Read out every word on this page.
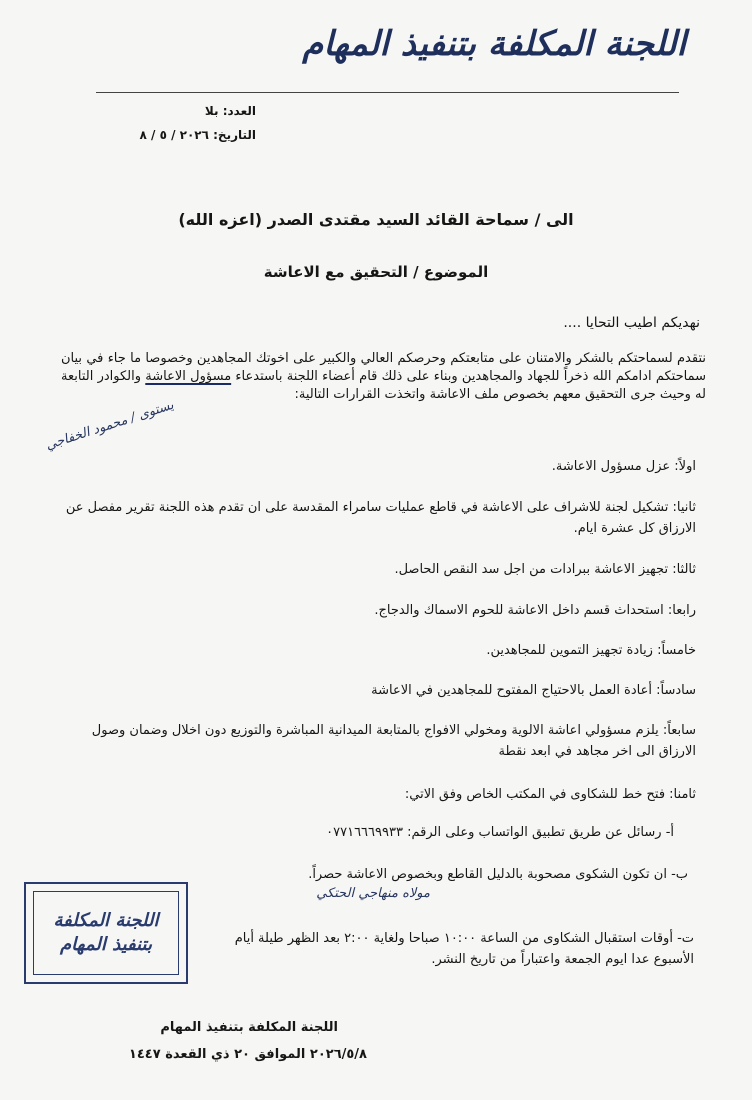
اللجنة المكلفة بتنفيذ المهام
العدد: بلا
التاريخ: ٢٠٢٦ / ٥ / ٨
الى / سماحة القائد السيد مقتدى الصدر (اعزه الله)
الموضوع / التحقيق مع الاعاشة
نهديكم اطيب التحايا ....
نتقدم لسماحتكم بالشكر والامتنان على متابعتكم وحرصكم العالي والكبير على اخوتك المجاهدين وخصوصا ما جاء في بيان سماحتكم ادامكم الله ذخراً للجهاد والمجاهدين وبناء على ذلك قام أعضاء اللجنة باستدعاء مسؤول الاعاشة والكوادر التابعة له وحيث جرى التحقيق معهم بخصوص ملف الاعاشة واتخذت القرارات التالية:
يستوى / محمود الخفاجي
اولاً: عزل مسؤول الاعاشة.
ثانيا: تشكيل لجنة للاشراف على الاعاشة في قاطع عمليات سامراء المقدسة على ان تقدم هذه اللجنة تقرير مفصل عن الارزاق كل عشرة ايام.
ثالثا: تجهيز الاعاشة ببرادات من اجل سد النقص الحاصل.
رابعا: استحداث قسم داخل الاعاشة للحوم الاسماك والدجاج.
خامساً: زيادة تجهيز التموين للمجاهدين.
سادساً: أعادة العمل بالاحتياج المفتوح للمجاهدين في الاعاشة
سابعاً: يلزم مسؤولي اعاشة الالوية ومخولي الافواج بالمتابعة الميدانية المباشرة والتوزيع دون اخلال وضمان وصول الارزاق الى اخر مجاهد في ابعد نقطة
ثامنا: فتح خط للشكاوى في المكتب الخاص وفق الاتي:
أ- رسائل عن طريق تطبيق الواتساب وعلى الرقم: ٠٧٧١٦٦٦٩٩٣٣
ب- ان تكون الشكوى مصحوبة بالدليل القاطع وبخصوص الاعاشة حصراً.
مولاه منهاجي الحتكي
ت- أوقات استقبال الشكاوى من الساعة ١٠:٠٠ صباحا ولغاية ٢:٠٠ بعد الظهر طيلة أيام الأسبوع عدا ايوم الجمعة واعتباراً من تاريخ النشر.
اللجنة المكلفة
بتنفيذ المهام
اللجنة المكلفة بتنفيذ المهام
٢٠٢٦/٥/٨ الموافق ٢٠ ذي القعدة ١٤٤٧
